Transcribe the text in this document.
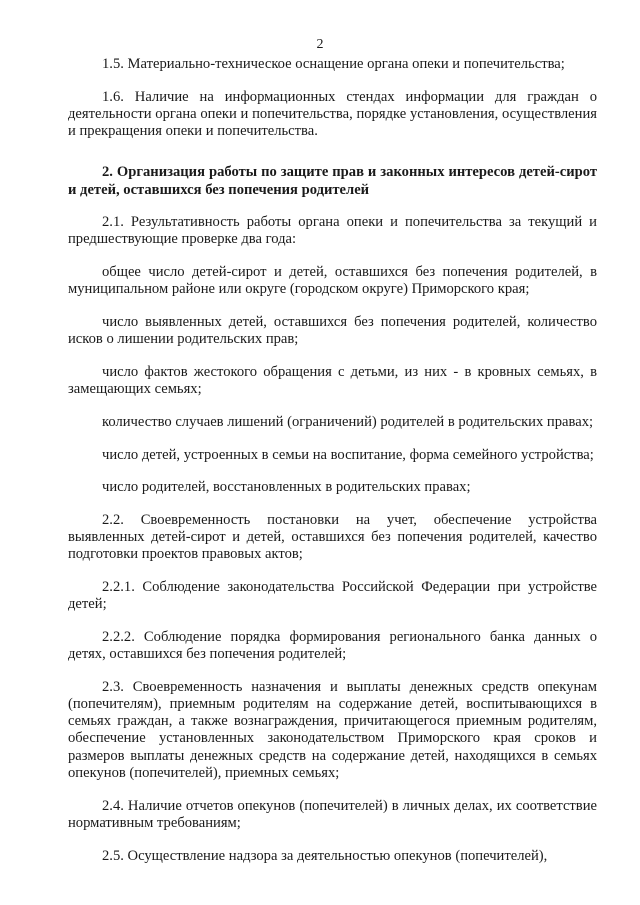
2

1.5. Материально-техническое оснащение органа опеки и попечительства;

1.6. Наличие на информационных стендах информации для граждан о деятельности органа опеки и попечительства, порядке установления, осуществления и прекращения опеки и попечительства.

2. Организация работы по защите прав и законных интересов детей-сирот и детей, оставшихся без попечения родителей

2.1. Результативность работы органа опеки и попечительства за текущий и предшествующие проверке два года:

общее число детей-сирот и детей, оставшихся без попечения родителей, в муниципальном районе или округе (городском округе) Приморского края;

число выявленных детей, оставшихся без попечения родителей, количество исков о лишении родительских прав;

число фактов жестокого обращения с детьми, из них - в кровных семьях, в замещающих семьях;

количество случаев лишений (ограничений) родителей в родительских правах;

число детей, устроенных в семьи на воспитание, форма семейного устройства;

число родителей, восстановленных в родительских правах;

2.2. Своевременность постановки на учет, обеспечение устройства выявленных детей-сирот и детей, оставшихся без попечения родителей, качество подготовки проектов правовых актов;

2.2.1. Соблюдение законодательства Российской Федерации при устройстве детей;

2.2.2. Соблюдение порядка формирования регионального банка данных о детях, оставшихся без попечения родителей;

2.3. Своевременность назначения и выплаты денежных средств опекунам (попечителям), приемным родителям на содержание детей, воспитывающихся в семьях граждан, а также вознаграждения, причитающегося приемным родителям, обеспечение установленных законодательством Приморского края сроков и размеров выплаты денежных средств на содержание детей, находящихся в семьях опекунов (попечителей), приемных семьях;

2.4. Наличие отчетов опекунов (попечителей) в личных делах, их соответствие нормативным требованиям;

2.5. Осуществление надзора за деятельностью опекунов (попечителей),
